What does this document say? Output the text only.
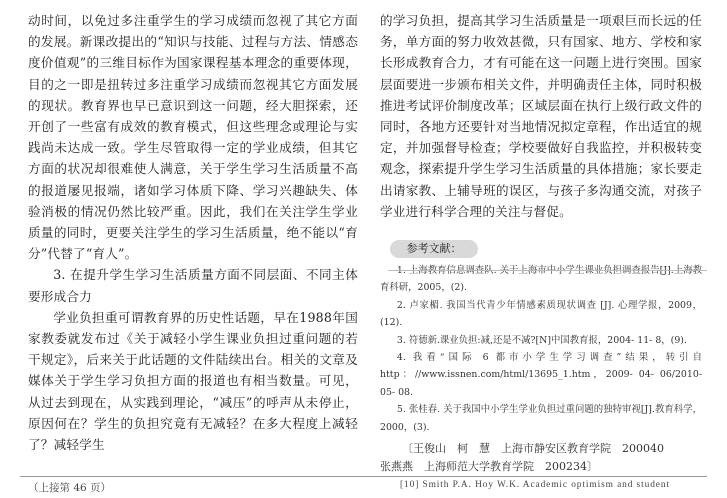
动时间，以免过多注重学生的学习成绩而忽视了其它方面的发展。新课改提出的“知识与技能、过程与方法、情感态度价值观”的三维目标作为国家课程基本理念的重要体现，目的之一即是扭转过多注重学习成绩而忽视其它方面发展的现状。教育界也早已意识到这一问题，经大胆探索，还开创了一些富有成效的教育模式，但这些理念或理论与实践尚未达成一致。学生尽管取得一定的学业成绩，但其它方面的状况却很难使人满意，关于学生学习生活质量不高的报道屡见报端，诸如学习体质下降、学习兴趣缺失、体验消极的情况仍然比较严重。因此，我们在关注学生学业质量的同时，更要关注学生的学习生活质量，绝不能以“育分”代替了“育人”。

3. 在提升学生学习生活质量方面不同层面、不同主体要形成合力

学业负担重可谓教育界的历史性话题，早在1988年国家教委就发布过《关于减轻小学生课业负担过重问题的若干规定》，后来关于此话题的文件陆续出台。相关的文章及媒体关于学生学习负担方面的报道也有相当数量。可见，从过去到现在，从实践到理论，“减压”的呼声从未停止，原因何在？学生的负担究竟有无减轻？在多大程度上减轻了？减轻学生

的学习负担，提高其学习生活质量是一项艰巨而长远的任务，单方面的努力收效甚微，只有国家、地方、学校和家长形成教育合力，才有可能在这一问题上进行突围。国家层面要进一步颁布相关文件，并明确责任主体，同时积极推进考试评价制度改革；区域层面在执行上级行政文件的同时，各地方还要针对当地情况拟定章程，作出适宜的规定，并加强督导检查；学校要做好自我监控，并积极转变观念，探索提升学生学习生活质量的具体措施；家长要走出请家教、上辅导班的误区，与孩子多沟通交流，对孩子学业进行科学合理的关注与督促。

参考文献：

1. 上海教育信息调查队. 关于上海市中小学生课业负担调查报告[J].上海教育科研，2005，(2).

2. 卢家楣. 我国当代青少年情感素质现状调查 [J]. 心理学报，2009，(12).

3. 符德新.课业负担:减,还是不减?[N]中国教育报，2004- 11- 8，(9).

4. 我看“国际 6 都市小学生学习调查”结果，转引自 http：//www.issnen.com/html/13695_1.htm，2009- 04- 06/2010- 05- 08.

5. 张桂春. 关于我国中小学生学业负担过重问题的独特审视[J].教育科学，2000，(3).

〔王俊山　柯　慧　上海市静安区教育学院　200040

张燕燕　上海师范大学教育学院　200234〕

（上接第 46 页）	[10] Smith P.A. Hoy W.K. Academic optimism and student
